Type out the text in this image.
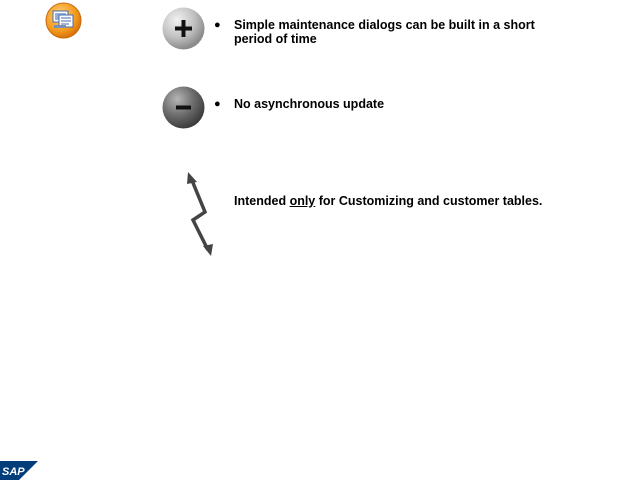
● Simple maintenance dialogs can be built in a short period of time
● No asynchronous update
Intended only for Customizing and customer tables.
SAP
